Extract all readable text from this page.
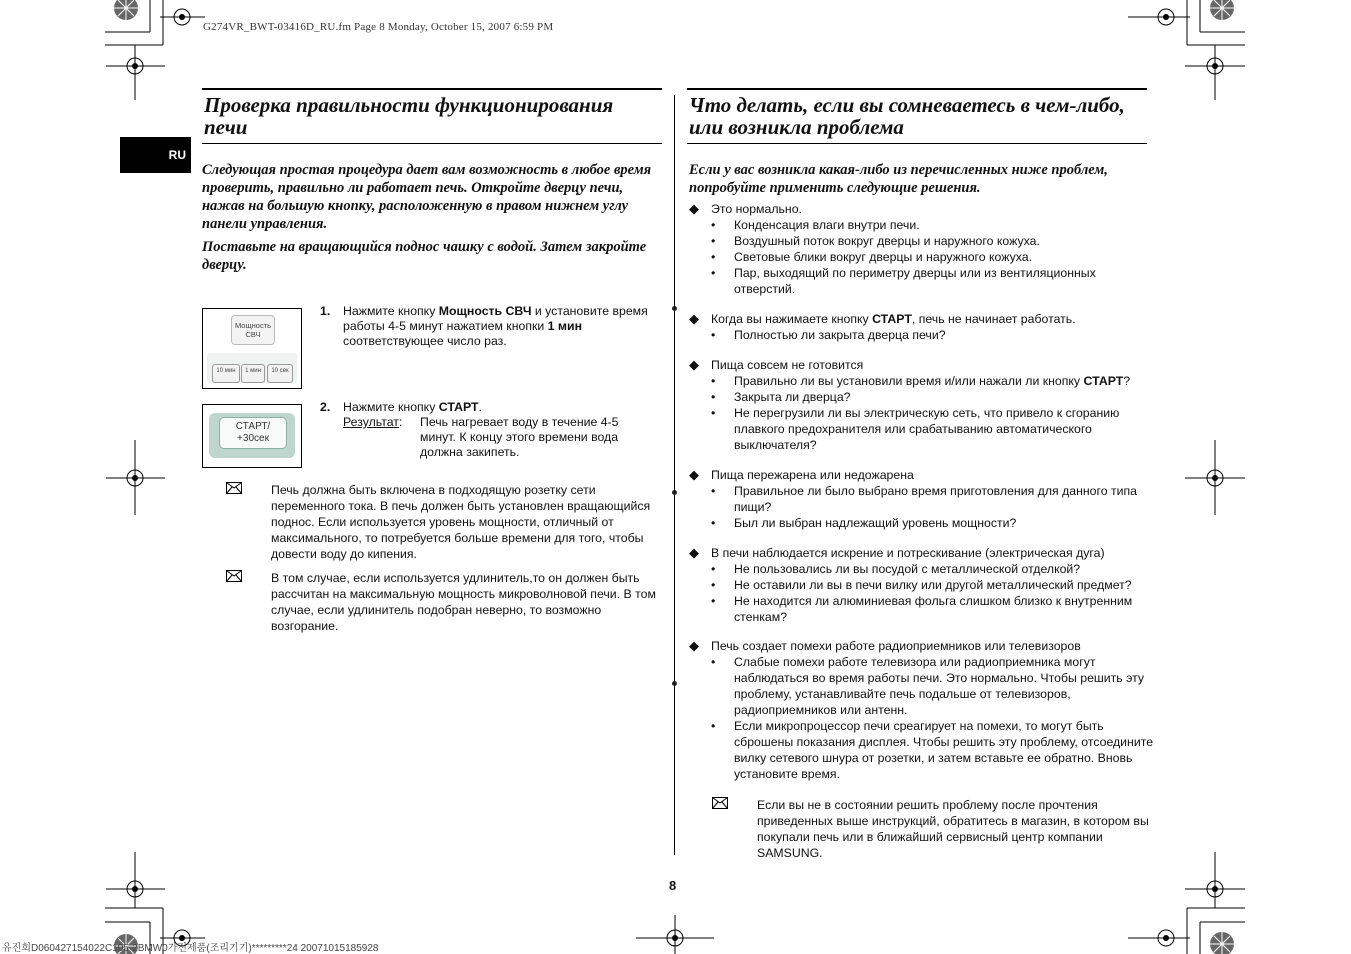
G274VR_BWT-03416D_RU.fm Page 8 Monday, October 15, 2007 6:59 PM
유진희D060427154022C105-2BMW0가전제품(조리기기)*********24 20071015185928
RU
Проверка правильности функционирования печи

Следующая простая процедура дает вам возможность в любое время проверить, правильно ли работает печь. Откройте дверцу печи, нажав на большую кнопку, расположенную в правом нижнем углу панели управления.

Поставьте на вращающийся поднос чашку с водой. Затем закройте дверцу.

Мощность СВЧ
10 мин	1 мин	10 сек
1. Нажмите кнопку Мощность СВЧ и установите время работы 4-5 минут нажатием кнопки 1 мин соответствующее число раз.
СТАРТ/
+30сек
2. Нажмите кнопку СТАРТ.
Результат: Печь нагревает воду в течение 4-5 минут. К концу этого времени вода должна закипеть.
Печь должна быть включена в подходящую розетку сети переменного тока. В печь должен быть установлен вращающийся поднос. Если используется уровень мощности, отличный от максимального, то потребуется больше времени для того, чтобы довести воду до кипения.
В том случае, если используется удлинитель,то он должен быть рассчитан на максимальную мощность микроволновой печи. В том случае, если удлинитель подобран неверно, то возможно возгорание.
Что делать, если вы сомневаетесь в чем-либо, или возникла проблема

Если у вас возникла какая-либо из перечисленных ниже проблем, попробуйте применить следующие решения.

◆ Это нормально.
• Конденсация влаги внутри печи.
• Воздушный поток вокруг дверцы и наружного кожуха.
• Световые блики вокруг дверцы и наружного кожуха.
• Пар, выходящий по периметру дверцы или из вентиляционных отверстий.
◆ Когда вы нажимаете кнопку СТАРТ, печь не начинает работать.
• Полностью ли закрыта дверца печи?
◆ Пища совсем не готовится
• Правильно ли вы установили время и/или нажали ли кнопку СТАРТ?
• Закрыта ли дверца?
• Не перегрузили ли вы электрическую сеть, что привело к сгоранию плавкого предохранителя или срабатыванию автоматического выключателя?
◆ Пища пережарена или недожарена
• Правильное ли было выбрано время приготовления для данного типа пищи?
• Был ли выбран надлежащий уровень мощности?
◆ В печи наблюдается искрение и потрескивание (электрическая дуга)
• Не пользовались ли вы посудой с металлической отделкой?
• Не оставили ли вы в печи вилку или другой металлический предмет?
• Не находится ли алюминиевая фольга слишком близко к внутренним стенкам?
◆ Печь создает помехи работе радиоприемников или телевизоров
• Слабые помехи работе телевизора или радиоприемника могут наблюдаться во время работы печи. Это нормально. Чтобы решить эту проблему, устанавливайте печь подальше от телевизоров, радиоприемников или антенн.
• Если микропроцессор печи среагирует на помехи, то могут быть сброшены показания дисплея. Чтобы решить эту проблему, отсоедините вилку сетевого шнура от розетки, и затем вставьте ее обратно. Вновь установите время.
Если вы не в состоянии решить проблему после прочтения приведенных выше инструкций, обратитесь в магазин, в котором вы покупали печь или в ближайший сервисный центр компании SAMSUNG.
8
